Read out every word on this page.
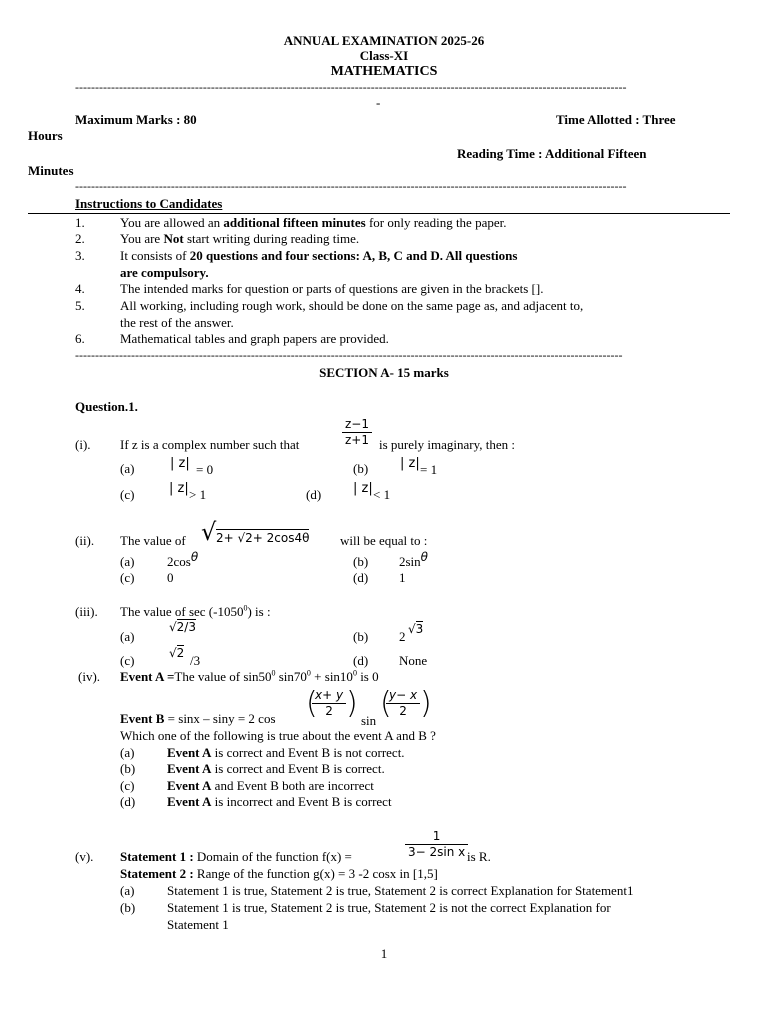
ANNUAL EXAMINATION 2025-26
Class-XI
MATHEMATICS
------------------------------------------------------------------------------------------------------------------------------------------
-
Maximum Marks : 80	Time Allotted : Three
Hours
Reading Time : Additional Fifteen
Minutes
------------------------------------------------------------------------------------------------------------------------------------------
Instructions to Candidates
1.	You are allowed an additional fifteen minutes for only reading the paper.
2.	You are Not start writing during reading time.
3.	It consists of 20 questions and four sections: A, B, C and D. All questions
are compulsory.
4.	The intended marks for question or parts of questions are given in the brackets [].
5.	All working, including rough work, should be done on the same page as, and adjacent to,
the rest of the answer.
6.	Mathematical tables and graph papers are provided.
-----------------------------------------------------------------------------------------------------------------------------------------
SECTION A- 15 marks
Question.1.
(i). If z is a complex number such that
z−1
z+1 is purely imaginary, then :
(a)	| z| = 0	(b) | z| = 1
(c)	| z| > 1	(d) | z| < 1
(ii). The value of √ 2+ √2+ 2cos4θ will be equal to :
(a)	2cosθ	(b) 2sinθ
(c)	0	(d) 1
(iii). The value of sec (-1050$^0$) is :
(a)
√2/3
(b) 2 √3
(c)	√2 /3	(d) None
(iv). Event A =The value of $\sin 50^0$ $\sin 70^0 + \sin 10^0$ is 0
Event B = sinx – siny = 2 cos (
x+ y
2 ) sin (
y− x
2 )
Which one of the following is true about the event A and B ?
(a)	Event A is correct and Event B is not correct.
(b) Event A is correct and Event B is correct.
(c)	Event A and Event B both are incorrect
(d) Event A is incorrect and Event B is correct
(v). Statement 1 : Domain of the function f(x) =
1
3− 2sin x is R.
Statement 2 : Range of the function g(x) = 3 -2 cosx in [1,5]
(a)	Statement 1 is true, Statement 2 is true, Statement 2 is correct Explanation for Statement1
(b) Statement 1 is true, Statement 2 is true, Statement 2 is not the correct Explanation for
Statement 1
1
